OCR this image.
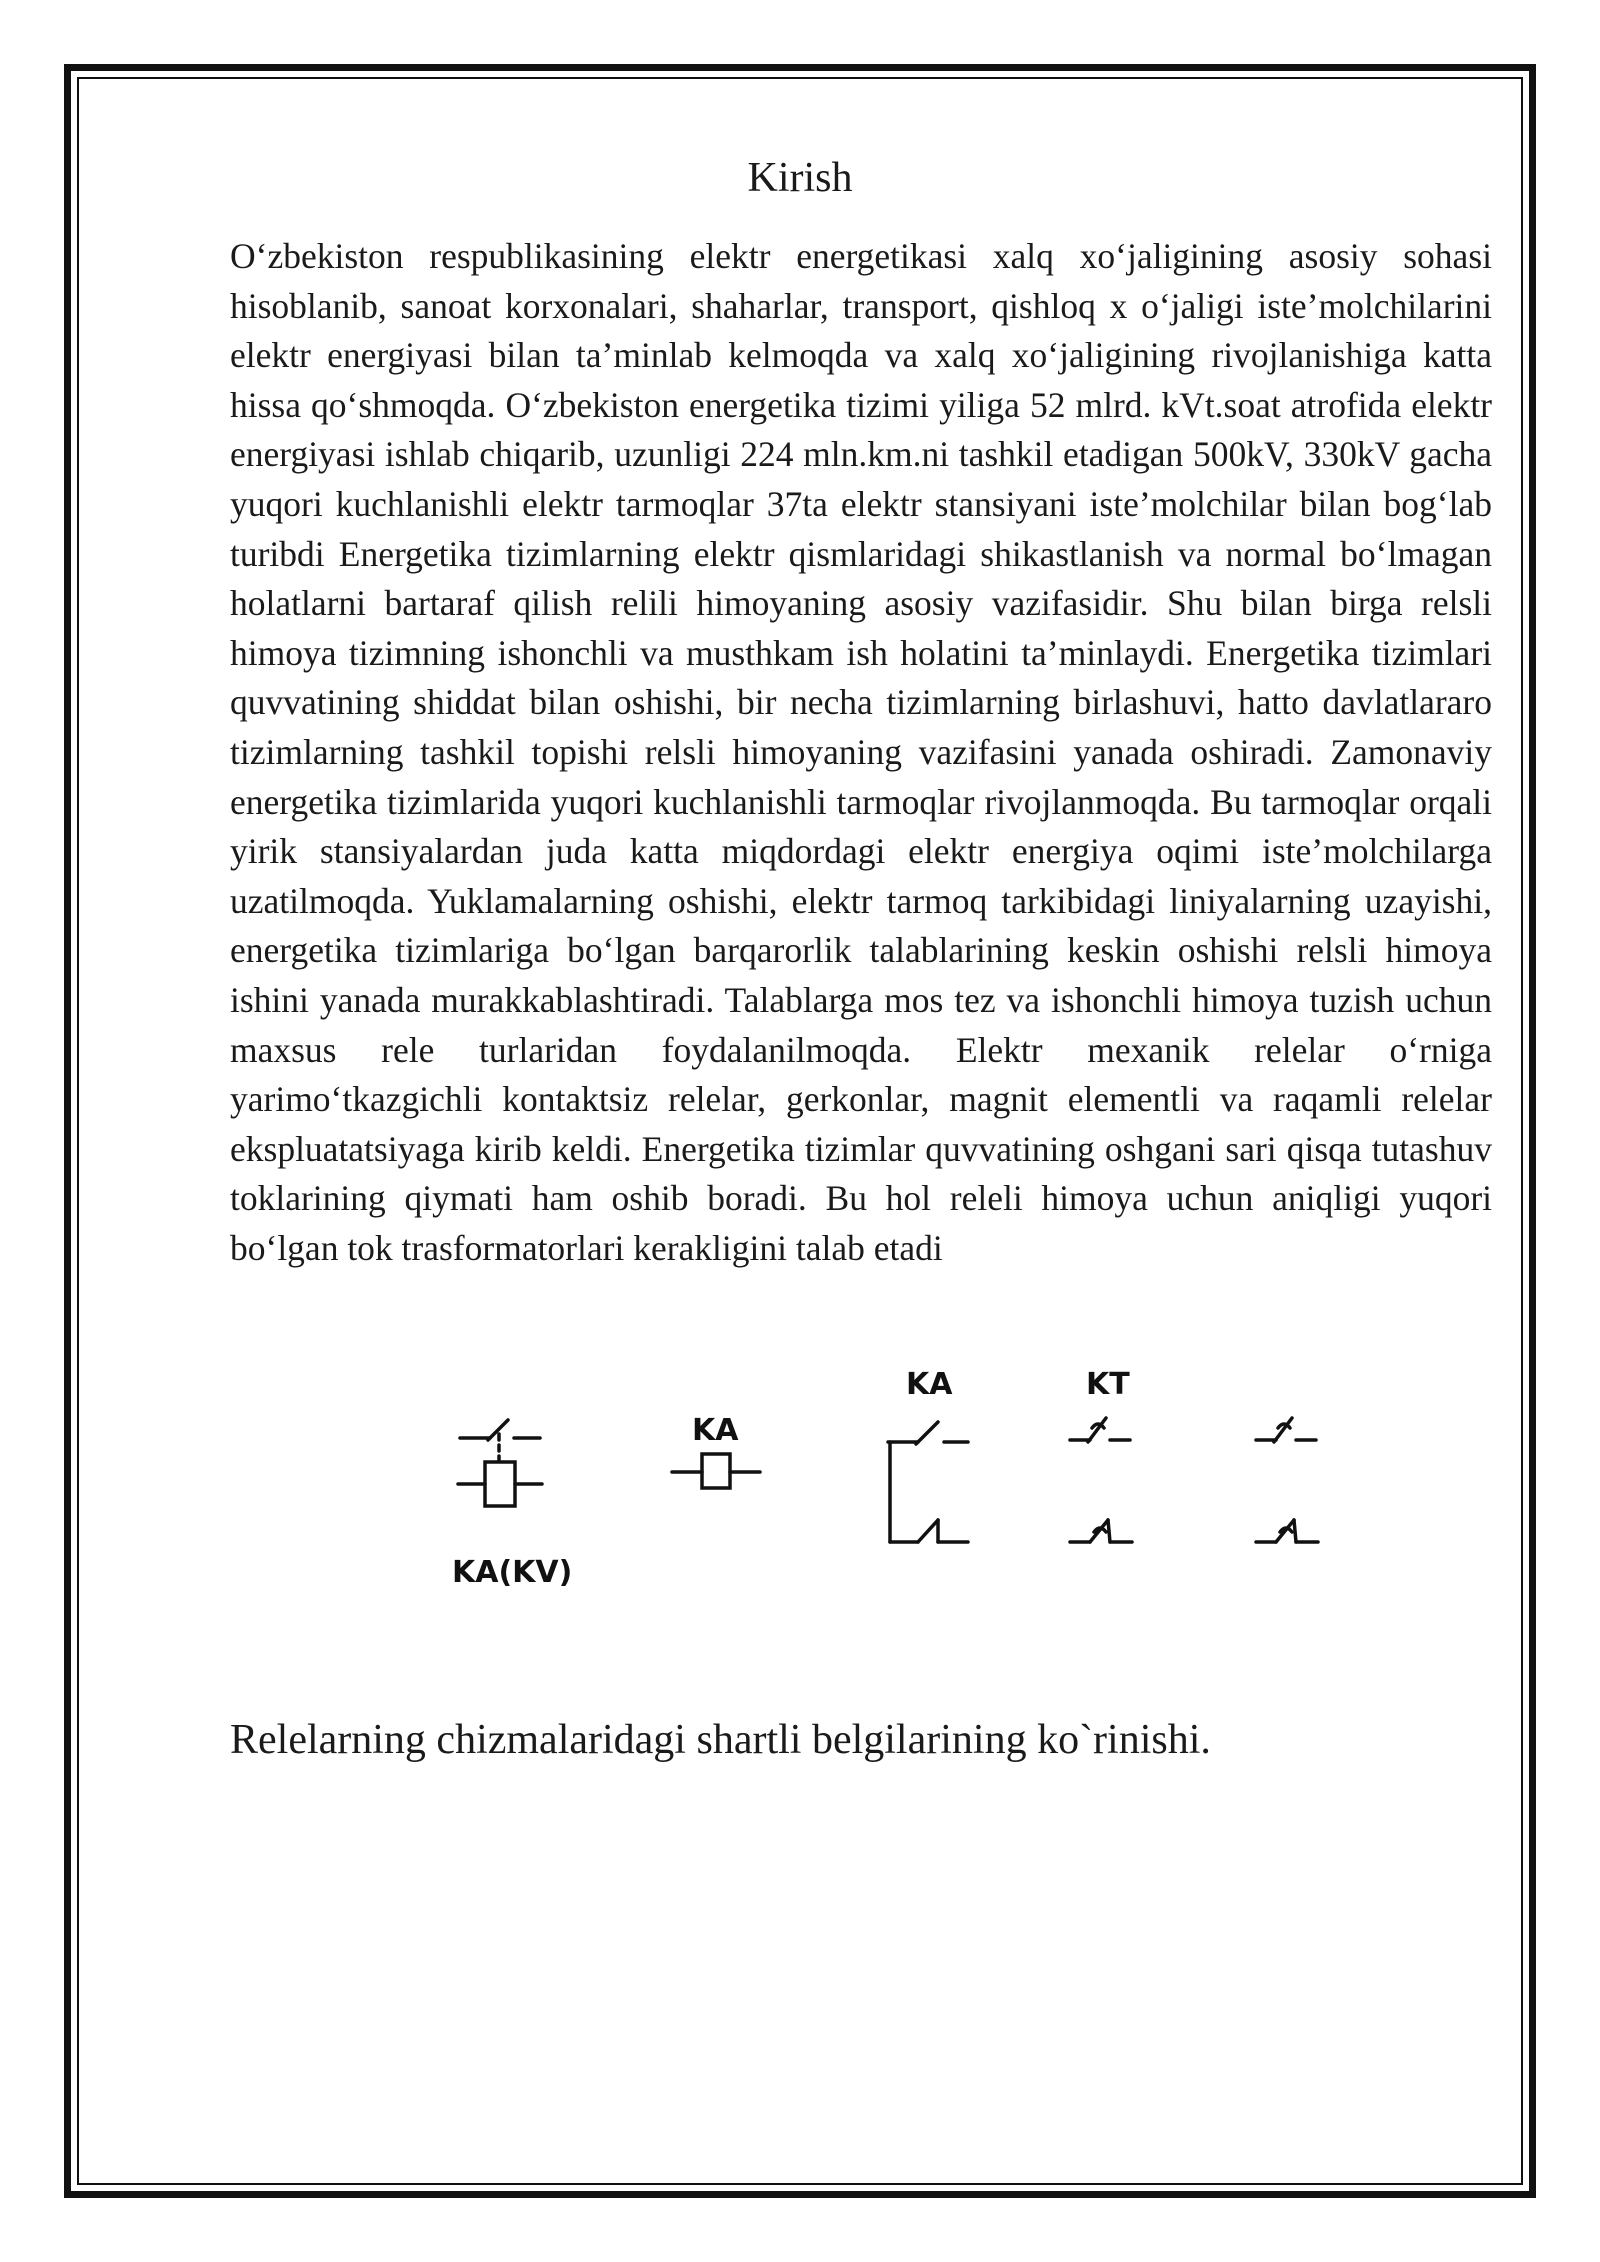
Kirish

O‘zbekiston respublikasining elektr energetikasi xalq xo‘jaligining asosiy sohasi hisoblanib, sanoat korxonalari, shaharlar, transport, qishloq x o‘jaligi iste’molchilarini elektr energiyasi bilan ta’minlab kelmoqda va xalq xo‘jaligining rivojlanishiga katta hissa qo‘shmoqda. O‘zbekiston energetika tizimi yiliga 52 mlrd. kVt.soat atrofida elektr energiyasi ishlab chiqarib, uzunligi 224 mln.km.ni tashkil etadigan 500kV, 330kV gacha yuqori kuchlanishli elektr tarmoqlar 37ta elektr stansiyani iste’molchilar bilan bog‘lab turibdi Energetika tizimlarning elektr qismlaridagi shikastlanish va normal bo‘lmagan holatlarni bartaraf qilish relili himoyaning asosiy vazifasidir. Shu bilan birga relsli himoya tizimning ishonchli va musthkam ish holatini ta’minlaydi. Energetika tizimlari quvvatining shiddat bilan oshishi, bir necha tizimlarning birlashuvi, hatto davlatlararo tizimlarning tashkil topishi relsli himoyaning vazifasini yanada oshiradi. Zamonaviy energetika tizimlarida yuqori kuchlanishli tarmoqlar rivojlanmoqda. Bu tarmoqlar orqali yirik stansiyalardan juda katta miqdordagi elektr energiya oqimi iste’molchilarga uzatilmoqda. Yuklamalarning oshishi, elektr tarmoq tarkibidagi liniyalarning uzayishi, energetika tizimlariga bo‘lgan barqarorlik talablarining keskin oshishi relsli himoya ishini yanada murakkablashtiradi. Talablarga mos tez va ishonchli himoya tuzish uchun maxsus rele turlaridan foydalanilmoqda. Elektr mexanik relelar o‘rniga yarimo‘tkazgichli kontaktsiz relelar, gerkonlar, magnit elementli va raqamli relelar ekspluatatsiyaga kirib keldi. Energetika tizimlar quvvatining oshgani sari qisqa tutashuv toklarining qiymati ham oshib boradi. Bu hol releli himoya uchun aniqligi yuqori bo‘lgan tok trasformatorlari kerakligini talab etadi

KA(KV)
KA
KA	KT
Relelarning chizmalaridagi shartli belgilarining ko`rinishi.
